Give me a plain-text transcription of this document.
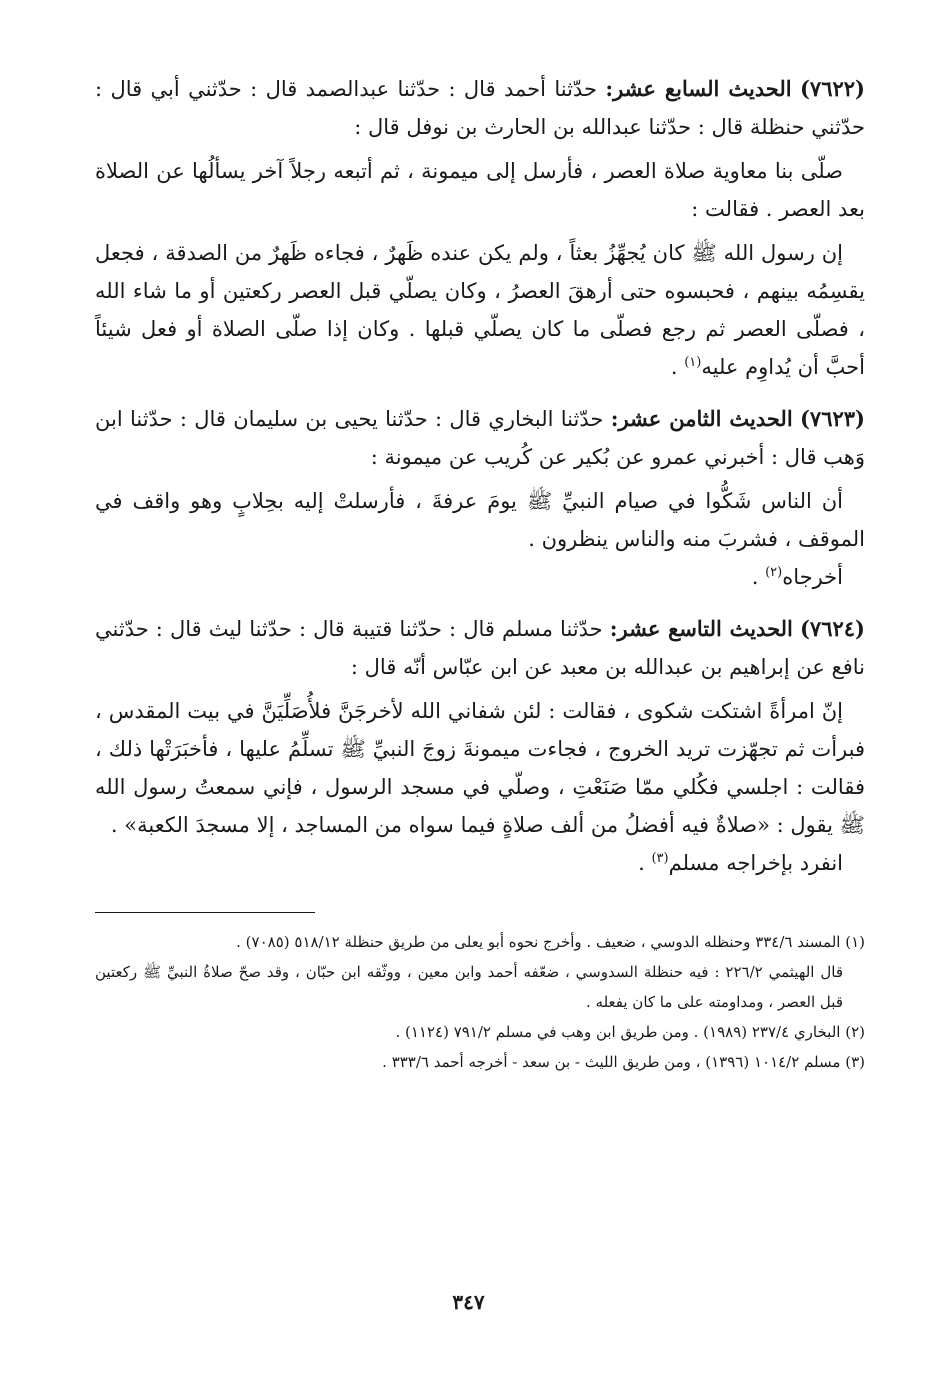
(٧٦٢٢) الحديث السابع عشر: حدّثنا أحمد قال : حدّثنا عبدالصمد قال : حدّثني أبي قال : حدّثني حنظلة قال : حدّثنا عبدالله بن الحارث بن نوفل قال :

صلّى بنا معاوية صلاة العصر ، فأرسل إلى ميمونة ، ثم أتبعه رجلاً آخر يسألُها عن الصلاة بعد العصر . فقالت :

إن رسول الله ﷺ كان يُجهِّزُ بعثاً ، ولم يكن عنده ظَهرٌ ، فجاءه ظَهرٌ من الصدقة ، فجعل يقسِمُه بينهم ، فحبسوه حتى أرهقَ العصرُ ، وكان يصلّي قبل العصر ركعتين أو ما شاء الله ، فصلّى العصر ثم رجع فصلّى ما كان يصلّي قبلها . وكان إذا صلّى الصلاة أو فعل شيئاً أحبَّ أن يُداوِم عليه$^{(١)}$ .

(٧٦٢٣) الحديث الثامن عشر: حدّثنا البخاري قال : حدّثنا يحيى بن سليمان قال : حدّثنا ابن وَهب قال : أخبرني عمرو عن بُكير عن كُريب عن ميمونة :

أن الناس شَكُّوا في صيام النبيِّ ﷺ يومَ عرفةَ ، فأرسلتْ إليه بحِلابٍ وهو واقف في الموقف ، فشربَ منه والناس ينظرون .

أخرجاه$^{(٢)}$ .

(٧٦٢٤) الحديث التاسع عشر: حدّثنا مسلم قال : حدّثنا قتيبة قال : حدّثنا ليث قال : حدّثني نافع عن إبراهيم بن عبدالله بن معبد عن ابن عبّاس أنّه قال :

إنّ امرأةً اشتكت شكوى ، فقالت : لئن شفاني الله لأخرجَنَّ فلأُصَلِّيَنَّ في بيت المقدس ، فبرأت ثم تجهّزت تريد الخروج ، فجاءت ميمونةَ زوجَ النبيِّ ﷺ تسلِّمُ عليها ، فأخبَرَتْها ذلك ، فقالت : اجلسي فكُلي ممّا صَنَعْتِ ، وصلّي في مسجد الرسول ، فإني سمعتُ رسول الله ﷺ يقول : «صلاةٌ فيه أفضلُ من ألف صلاةٍ فيما سواه من المساجد ، إلا مسجدَ الكعبة» .

انفرد بإخراجه مسلم$^{(٣)}$ .

(١) المسند ٣٣٤/٦ وحنظله الدوسي ، ضعيف . وأخرج نحوه أبو يعلى من طريق حنظلة ٥١٨/١٢ (٧٠٨٥) .
قال الهيثمي ٢٢٦/٢ : فيه حنظلة السدوسي ، ضعّفه أحمد وابن معين ، ووثّقه ابن حبّان ، وقد صحّ صلاةُ النبيِّ ﷺ ركعتين قبل العصر ، ومداومته على ما كان يفعله .

(٢) البخاري ٢٣٧/٤ (١٩٨٩) . ومن طريق ابن وهب في مسلم ٧٩١/٢ (١١٢٤) .

(٣) مسلم ١٠١٤/٢ (١٣٩٦) ، ومن طريق الليث - بن سعد - أخرجه أحمد ٣٣٣/٦ .

٣٤٧
